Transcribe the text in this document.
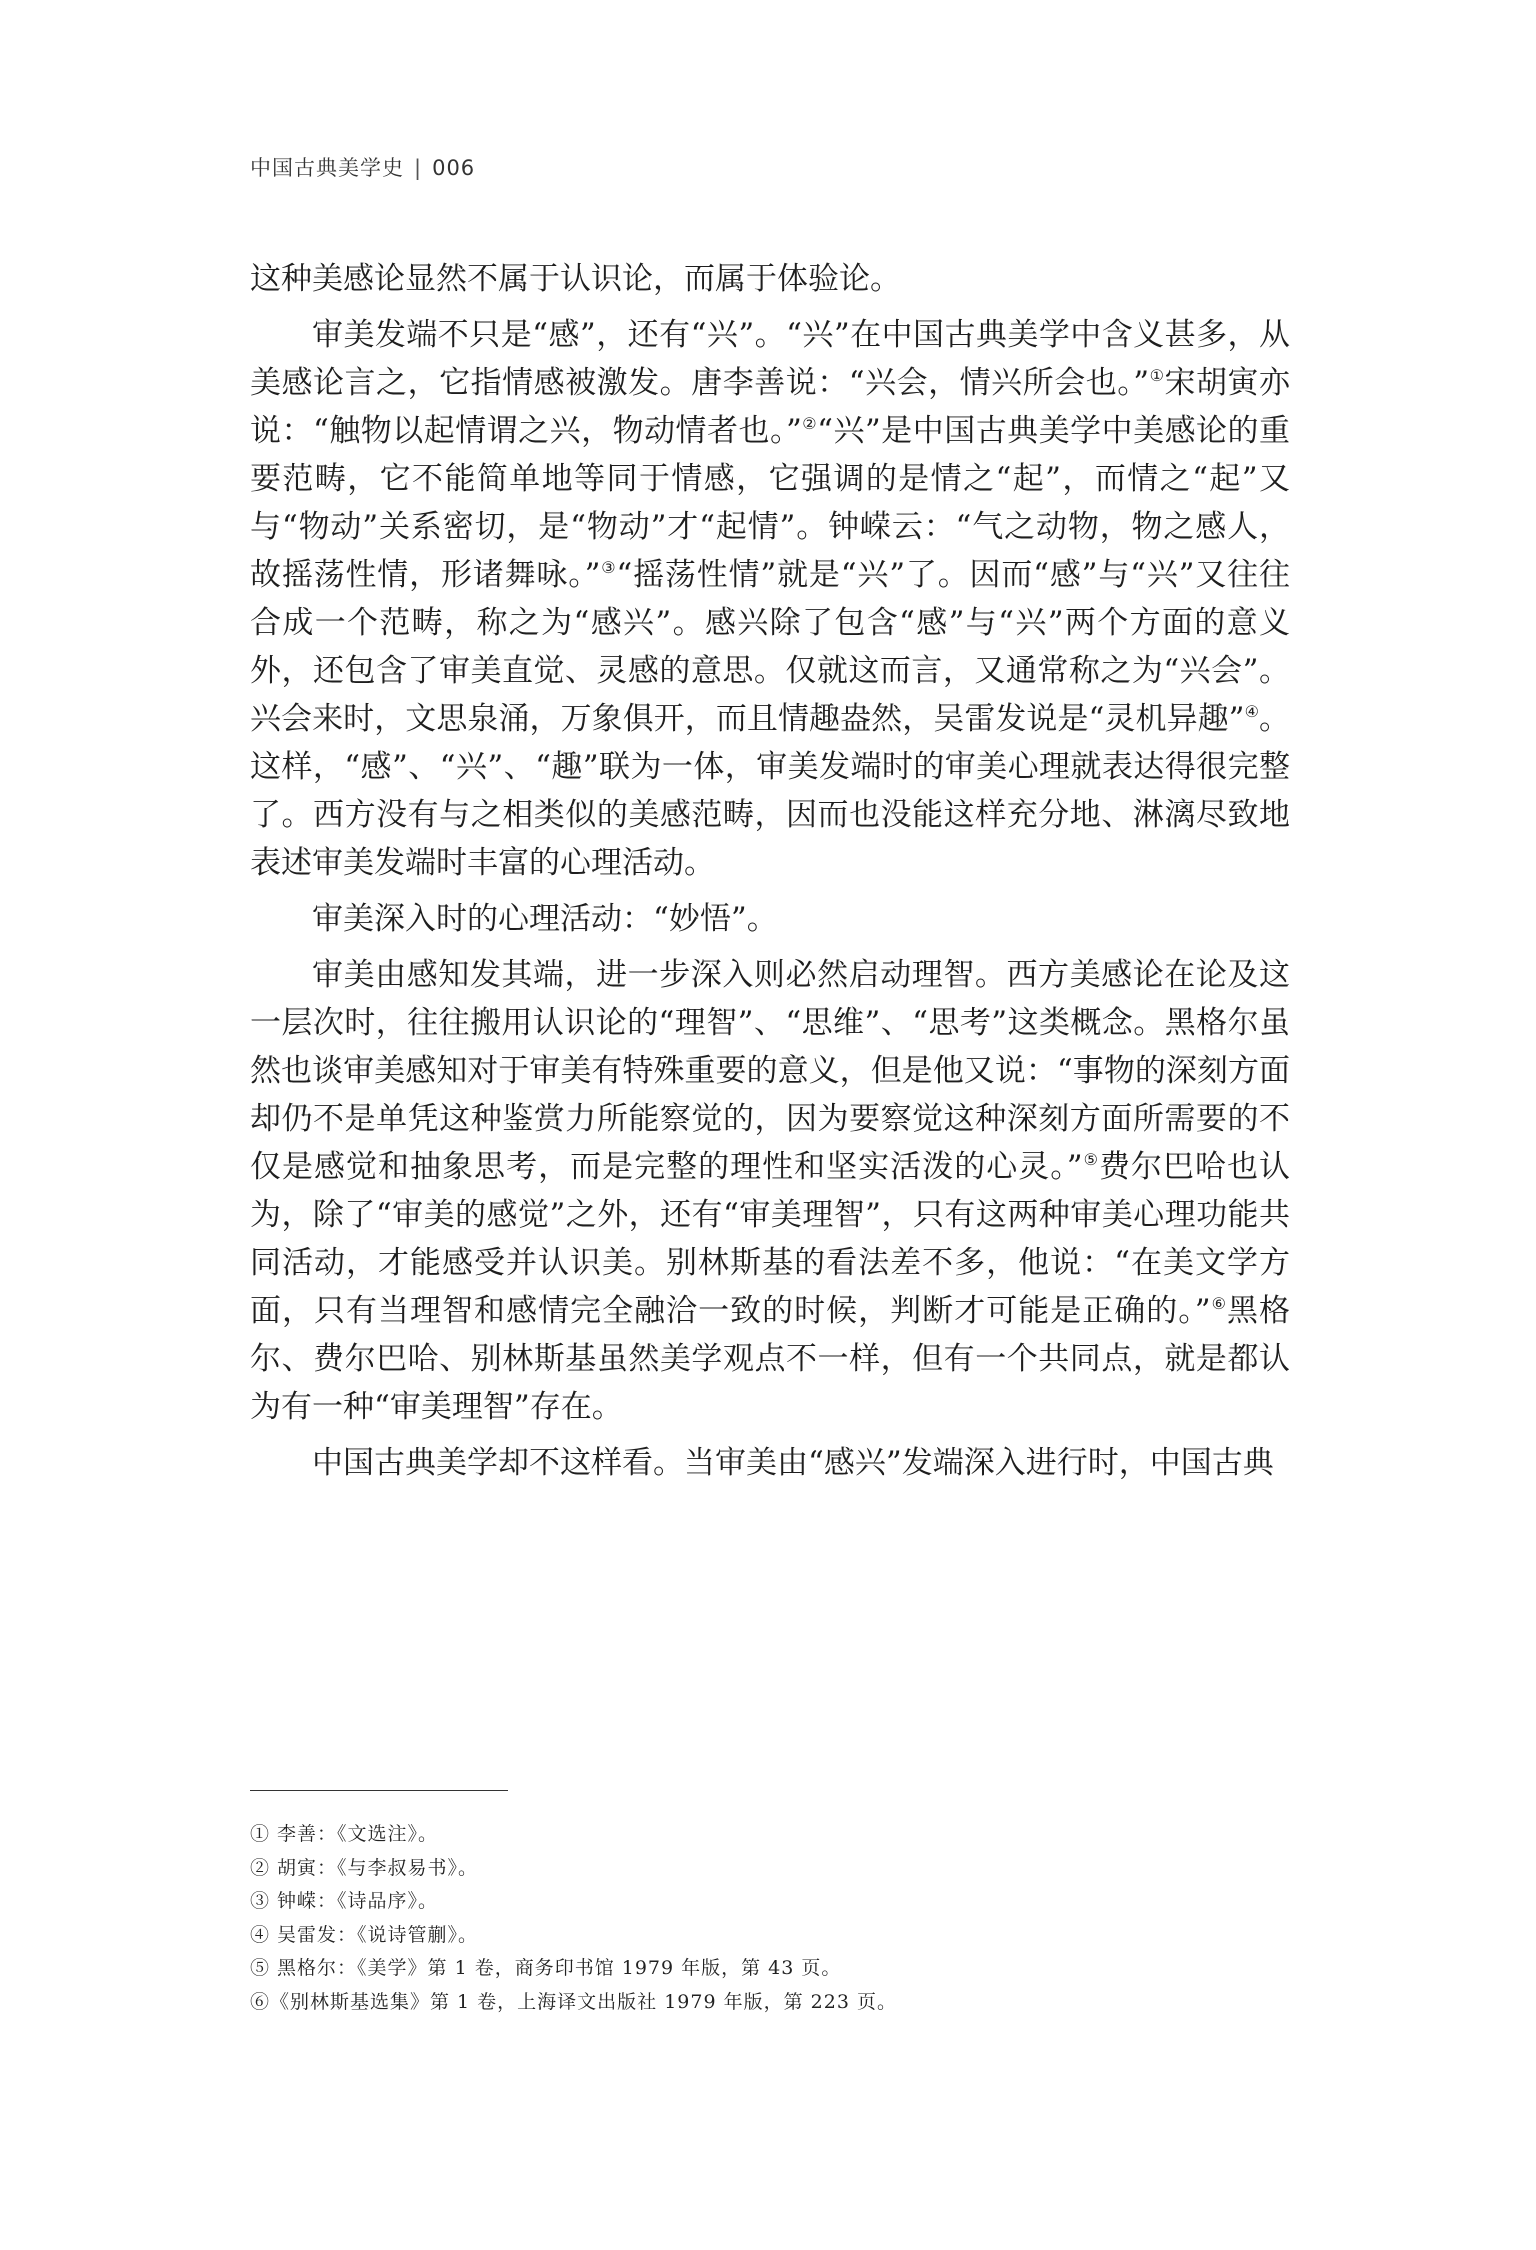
中国古典美学史 | 006

这种美感论显然不属于认识论，而属于体验论。

审美发端不只是“感”，还有“兴”。“兴”在中国古典美学中含义甚多，从美感论言之，它指情感被激发。唐李善说：“兴会，情兴所会也。”①宋胡寅亦说：“触物以起情谓之兴，物动情者也。”②“兴”是中国古典美学中美感论的重要范畴，它不能简单地等同于情感，它强调的是情之“起”，而情之“起”又与“物动”关系密切，是“物动”才“起情”。钟嵘云：“气之动物，物之感人，故摇荡性情，形诸舞咏。”③“摇荡性情”就是“兴”了。因而“感”与“兴”又往往合成一个范畴，称之为“感兴”。感兴除了包含“感”与“兴”两个方面的意义外，还包含了审美直觉、灵感的意思。仅就这而言，又通常称之为“兴会”。兴会来时，文思泉涌，万象俱开，而且情趣盎然，吴雷发说是“灵机异趣”④。这样，“感”、“兴”、“趣”联为一体，审美发端时的审美心理就表达得很完整了。西方没有与之相类似的美感范畴，因而也没能这样充分地、淋漓尽致地表述审美发端时丰富的心理活动。

审美深入时的心理活动：“妙悟”。

审美由感知发其端，进一步深入则必然启动理智。西方美感论在论及这一层次时，往往搬用认识论的“理智”、“思维”、“思考”这类概念。黑格尔虽然也谈审美感知对于审美有特殊重要的意义，但是他又说：“事物的深刻方面却仍不是单凭这种鉴赏力所能察觉的，因为要察觉这种深刻方面所需要的不仅是感觉和抽象思考，而是完整的理性和坚实活泼的心灵。”⑤费尔巴哈也认为，除了“审美的感觉”之外，还有“审美理智”，只有这两种审美心理功能共同活动，才能感受并认识美。别林斯基的看法差不多，他说：“在美文学方面，只有当理智和感情完全融洽一致的时候，判断才可能是正确的。”⑥黑格尔、费尔巴哈、别林斯基虽然美学观点不一样，但有一个共同点，就是都认为有一种“审美理智”存在。

中国古典美学却不这样看。当审美由“感兴”发端深入进行时，中国古典

① 李善：《文选注》。

② 胡寅：《与李叔易书》。

③ 钟嵘：《诗品序》。

④ 吴雷发：《说诗管蒯》。

⑤ 黑格尔：《美学》第 1 卷，商务印书馆 1979 年版，第 43 页。

⑥《别林斯基选集》第 1 卷，上海译文出版社 1979 年版，第 223 页。
